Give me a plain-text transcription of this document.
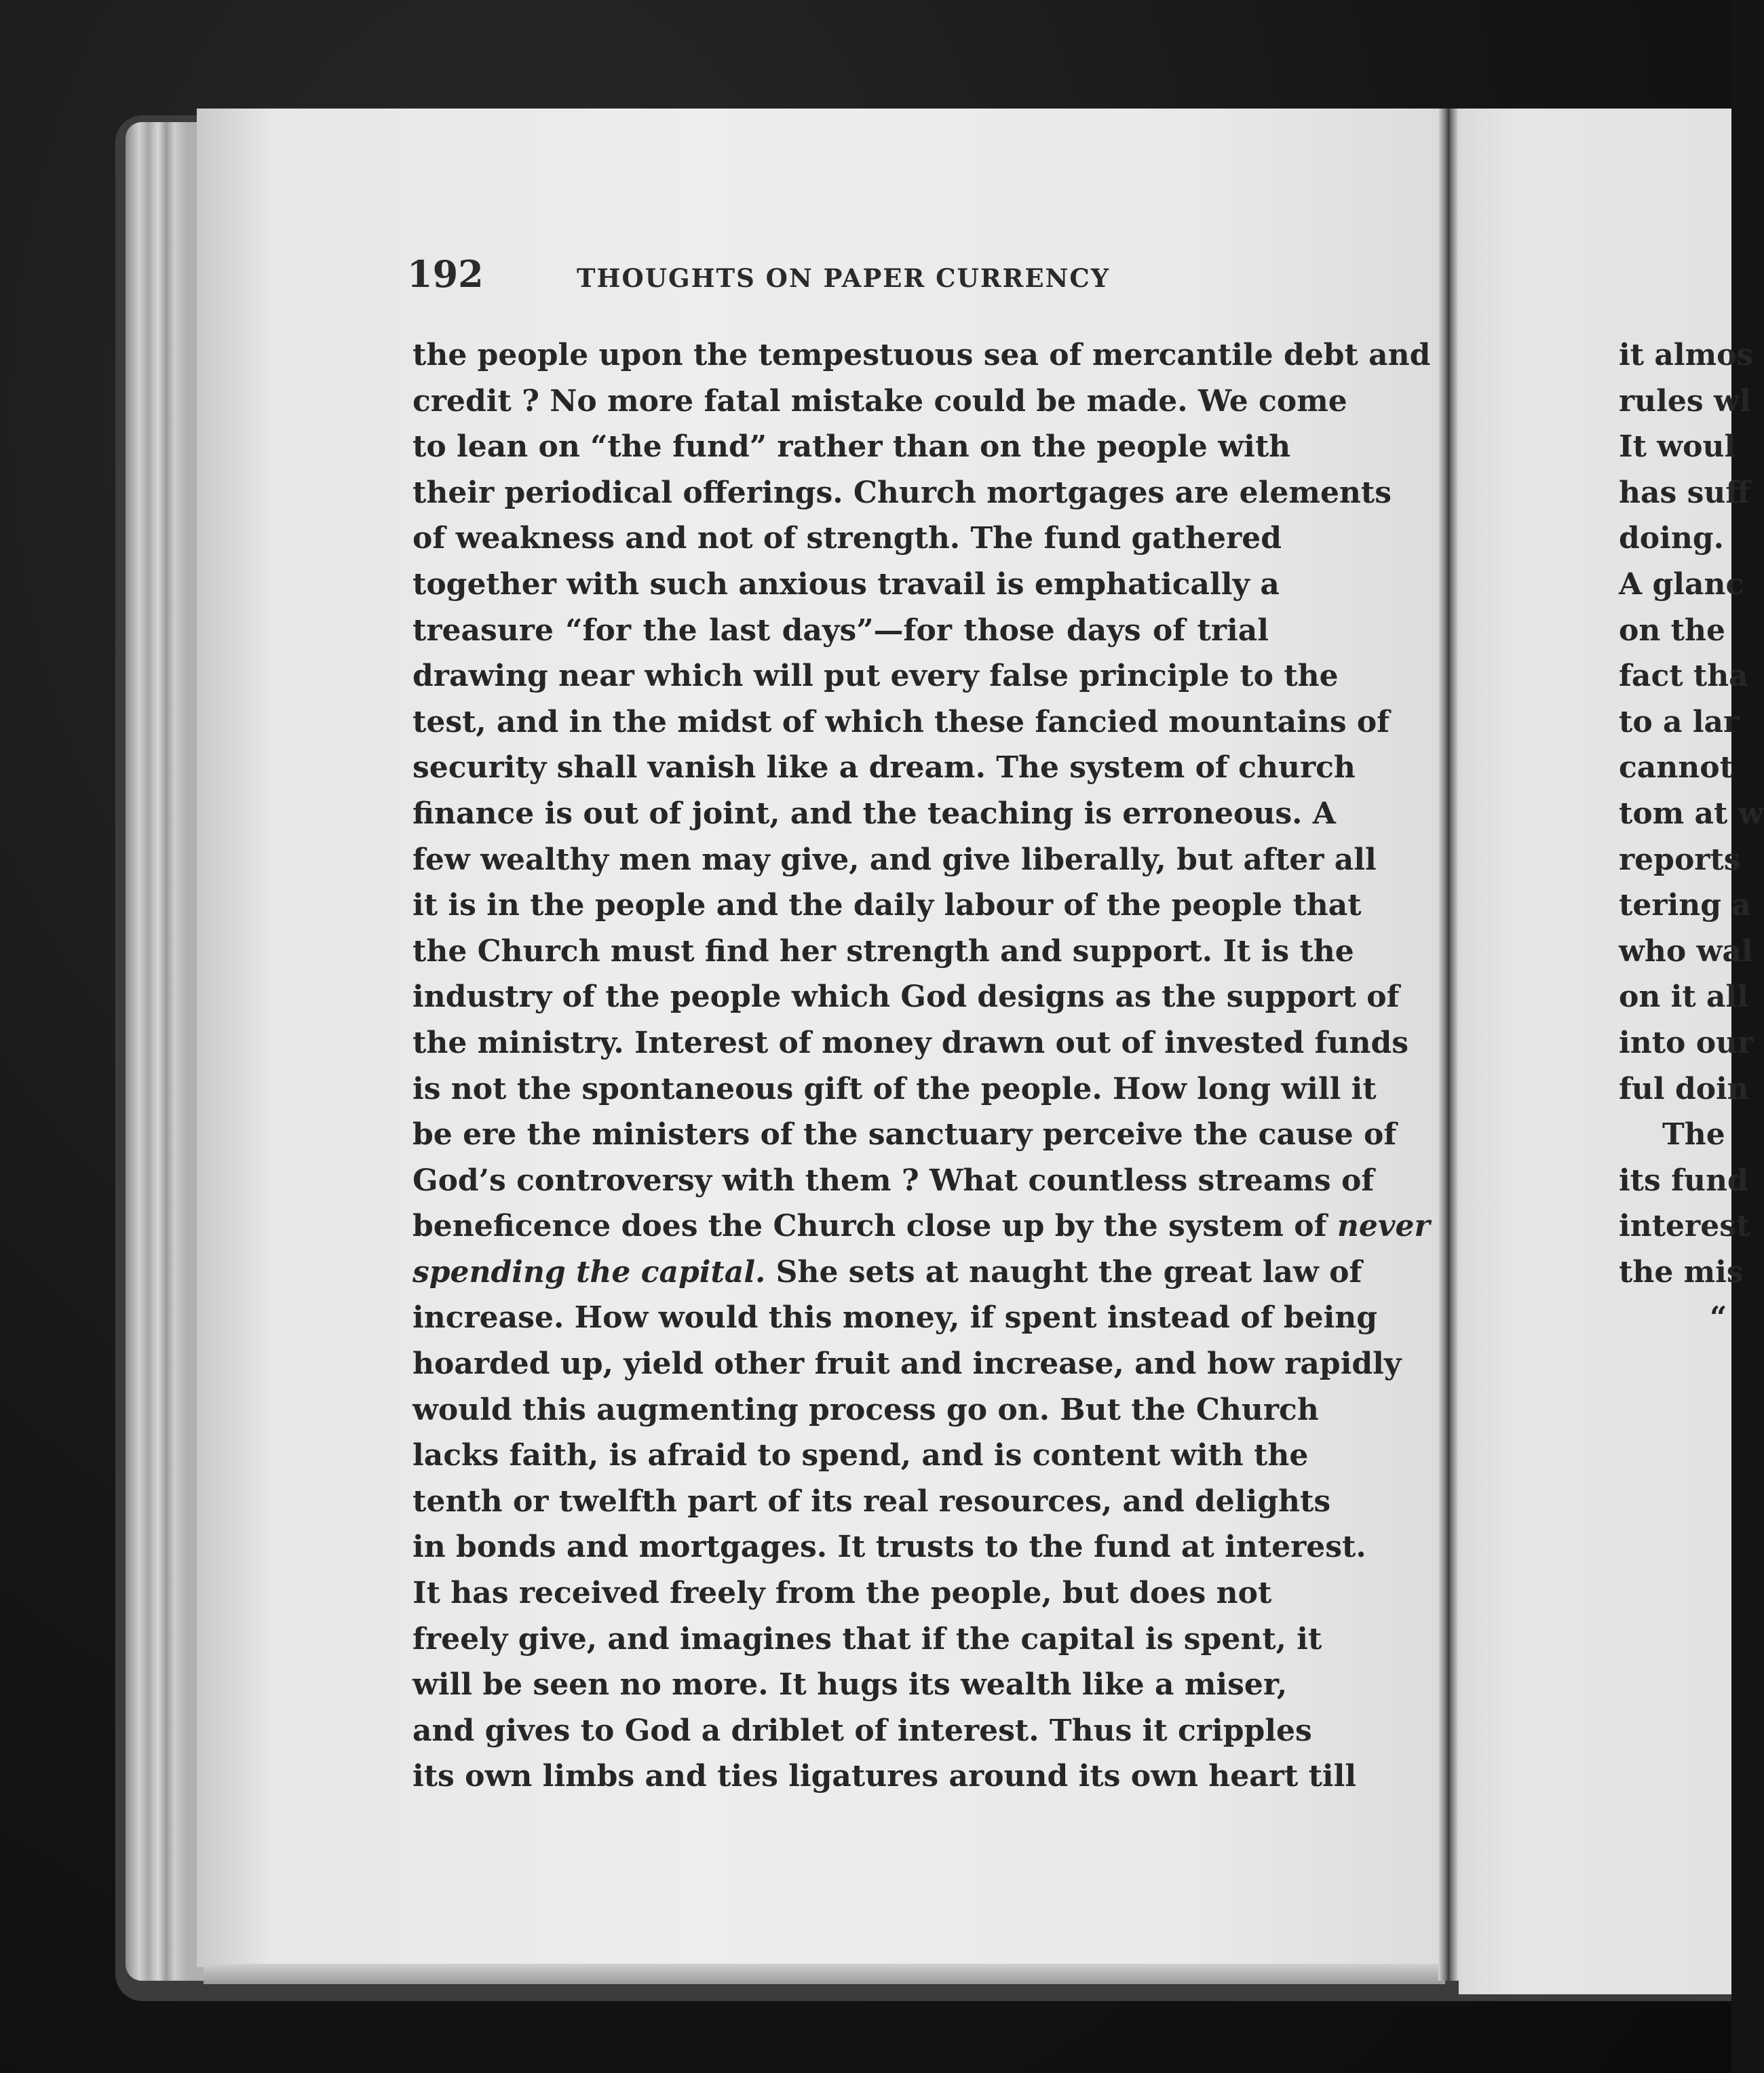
192	THOUGHTS ON PAPER CURRENCY
the people upon the tempestuous sea of mercantile debt and
credit ? No more fatal mistake could be made. We come
to lean on “the fund” rather than on the people with
their periodical offerings. Church mortgages are elements
of weakness and not of strength. The fund gathered
together with such anxious travail is emphatically a
treasure “for the last days”—for those days of trial
drawing near which will put every false principle to the
test, and in the midst of which these fancied mountains of
security shall vanish like a dream. The system of church
finance is out of joint, and the teaching is erroneous. A
few wealthy men may give, and give liberally, but after all
it is in the people and the daily labour of the people that
the Church must find her strength and support. It is the
industry of the people which God designs as the support of
the ministry. Interest of money drawn out of invested funds
is not the spontaneous gift of the people. How long will it
be ere the ministers of the sanctuary perceive the cause of
God’s controversy with them ? What countless streams of
beneficence does the Church close up by the system of never
spending the capital. She sets at naught the great law of
increase. How would this money, if spent instead of being
hoarded up, yield other fruit and increase, and how rapidly
would this augmenting process go on. But the Church
lacks faith, is afraid to spend, and is content with the
tenth or twelfth part of its real resources, and delights
in bonds and mortgages. It trusts to the fund at interest.
It has received freely from the people, but does not
freely give, and imagines that if the capital is spent, it
will be seen no more. It hugs its wealth like a miser,
and gives to God a driblet of interest. Thus it cripples
its own limbs and ties ligatures around its own heart till
it almos
rules wl
It woul
has suff
doing.
A glanc
on the
fact tha
to a lar
cannot
tom at w
reports
tering a
who wal
on it all
into our
ful doin
The
its fund
interest
the mis
“
